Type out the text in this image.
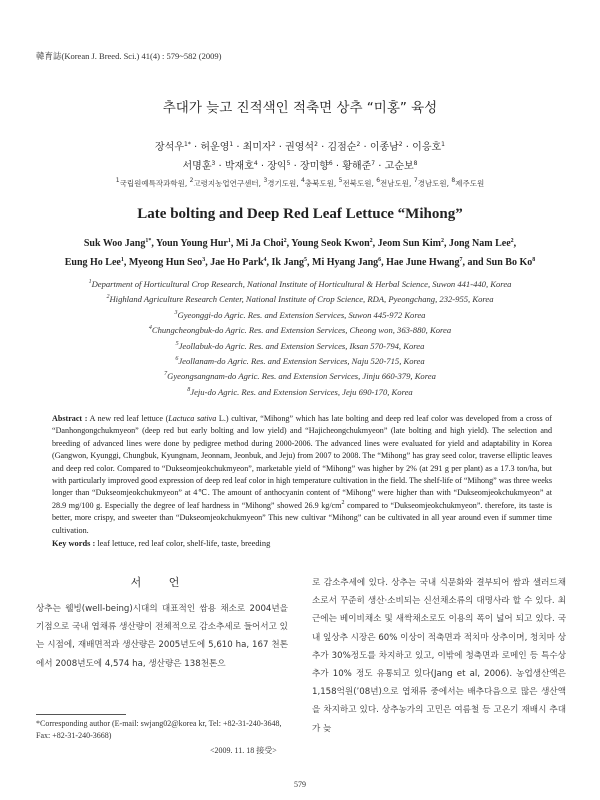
韓育誌(Korean J. Breed. Sci.) 41(4) : 579~582 (2009)
추대가 늦고 진적색인 적축면 상추 “미홍” 육성
장석우$^{1*}$ · 허운영$^1$ · 최미자$^2$ · 권영석$^2$ · 김점순$^2$ · 이종남$^2$ · 이응호$^1$
서명훈$^3$ · 박재호$^4$ · 장익$^5$ · 장미향$^6$ · 황해준$^7$ · 고순보$^8$
$^1$국립원예특작과학원, $^2$고령지농업연구센터, $^3$경기도원, $^4$충북도원, $^5$전북도원, $^6$전남도원, $^7$경남도원, $^8$제주도원
Late bolting and Deep Red Leaf Lettuce “Mihong”
Suk Woo Jang$^{1*}$, Youn Young Hur$^1$, Mi Ja Choi$^2$, Young Seok Kwon$^2$, Jeom Sun Kim$^2$, Jong Nam Lee$^2$,
Eung Ho Lee$^1$, Myeong Hun Seo$^3$, Jae Ho Park$^4$, Ik Jang$^5$, Mi Hyang Jang$^6$, Hae June Hwang$^7$, and Sun Bo Ko$^8$
$^1$Department of Horticultural Crop Research, National Institute of Horticultural & Herbal Science, Suwon 441-440, Korea
$^2$Highland Agriculture Research Center, National Institute of Crop Science, RDA, Pyeongchang, 232-955, Korea
$^3$Gyeonggi-do Agric. Res. and Extension Services, Suwon 445-972 Korea
$^4$Chungcheongbuk-do Agric. Res. and Extension Services, Cheong won, 363-880, Korea
$^5$Jeollabuk-do Agric. Res. and Extension Services, Iksan 570-794, Korea
$^6$Jeollanam-do Agric. Res. and Extension Services, Naju 520-715, Korea
$^7$Gyeongsangnam-do Agric. Res. and Extension Services, Jinju 660-379, Korea
$^8$Jeju-do Agric. Res. and Extension Services, Jeju 690-170, Korea
Abstract : A new red leaf lettuce (Lactuca sativa L.) cultivar, “Mihong” which has late bolting and deep red leaf color was developed from a cross of “Danhongongchukmyeon” (deep red but early bolting and low yield) and “Hajicheongchukmyeon” (late bolting and high yield). The selection and breeding of advanced lines were done by pedigree method during 2000-2006. The advanced lines were evaluated for yield and adaptability in Korea (Gangwon, Kyunggi, Chungbuk, Kyungnam, Jeonnam, Jeonbuk, and Jeju) from 2007 to 2008. The “Mihong” has gray seed color, traverse elliptic leaves and deep red color. Compared to “Dukseomjeokchukmyeon”, marketable yield of “Mihong” was higher by 2% (at 291 g per plant) as a 17.3 ton/ha, but with particularly improved good expression of deep red leaf color in high temperature cultivation in the field. The shelf-life of “Mihong” was three weeks longer than “Dukseomjeokchukmyeon” at 4℃. The amount of anthocyanin content of “Mihong” were higher than with “Dukseomjeokchukmyeon” at 28.9 mg/100 g. Especially the degree of leaf hardness in “Mihong” showed 26.9 $kg/cm^2$ compared to “Dukseomjeokchukmyeon”. therefore, its taste is better, more crispy, and sweeter than “Dukseomjeokchukmyeon” This new cultivar “Mihong” can be cultivated in all year around even if summer time cultivation.
Key words : leaf lettuce, red leaf color, shelf-life, taste, breeding
서 언
상추는 웰빙(well-being)시대의 대표적인 쌈용 채소로 2004년을 기점으로 국내 엽채류 생산량이 전체적으로 감소추세로 들어서고 있는 시점에, 재배면적과 생산량은 2005년도에 5,610 ha, 167 천톤에서 2008년도에 4,574 ha, 생산량은 138천톤으
로 감소추세에 있다. 상추는 국내 식문화와 결부되어 쌈과 샐러드채소로서 꾸준히 생산·소비되는 신선채소류의 대명사라 할 수 있다. 최근에는 베이비채소 및 새싹채소로도 이용의 폭이 넓어 되고 있다. 국내 잎상추 시장은 60% 이상이 적축면과 적치마 상추이며, 청치마 상추가 30%정도를 차지하고 있고, 이밖에 청축면과 로메인 등 특수상추가 10% 정도 유통되고 있다(Jang et al, 2006). 농업생산액은 1,158억원(’08년)으로 엽채류 중에서는 배추다음으로 많은 생산액을 차지하고 있다. 상추농가의 고민은 여름철 등 고온기 재배시 추대가 늦
*Corresponding author (E-mail: swjang02@korea kr, Tel: +82-31-240-3648, Fax: +82-31-240-3668)
<2009. 11. 18 接受>
579
